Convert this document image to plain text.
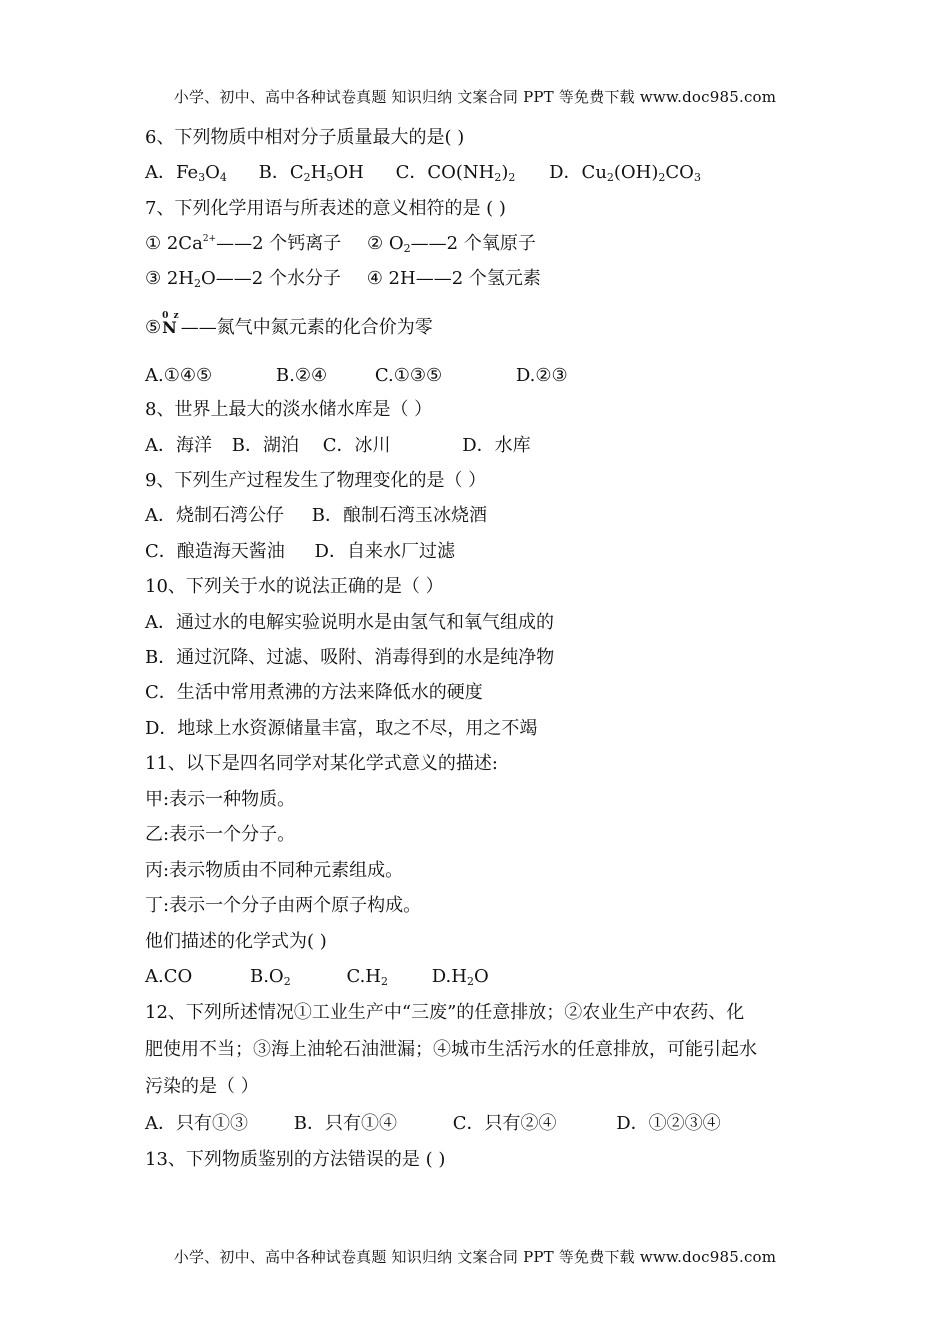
小学、初中、高中各种试卷真题 知识归纳 文案合同 PPT 等免费下载 www.doc985.com
6、下列物质中相对分子质量最大的是( )
A．$Fe_3O_4$ B．$C_2H_5OH$ C．$CO(NH_2)_2$ D．$Cu_2(OH)_2CO_3$
7、下列化学用语与所表述的意义相符的是 ( )
① $2Ca^{2+}——2$ 个钙离子 ② $O_2——2$ 个氧原子
③ $2H_2O——2$ 个水分子 ④ 2H——2 个氢元素
⑤
0 z
N ——氮气中氮元素的化合价为零
A.①④⑤	B.②④	C.①③⑤	D.②③
8、世界上最大的淡水储水库是（ ）
A．海洋 B．湖泊 C．冰川	D．水库
9、下列生产过程发生了物理变化的是（ ）
A．烧制石湾公仔 B．酿制石湾玉冰烧酒
C．酿造海天酱油 D．自来水厂过滤
10、下列关于水的说法正确的是（ ）
A．通过水的电解实验说明水是由氢气和氧气组成的
B．通过沉降、过滤、吸附、消毒得到的水是纯净物
C．生活中常用煮沸的方法来降低水的硬度
D．地球上水资源储量丰富，取之不尽，用之不竭
11、以下是四名同学对某化学式意义的描述:
甲:表示一种物质。
乙:表示一个分子。
丙:表示物质由不同种元素组成。
丁:表示一个分子由两个原子构成。
他们描述的化学式为( )
A.CO	$B.O_2$	$C.H_2$ $D.H_2O$
12、下列所述情况①工业生产中“三废”的任意排放；②农业生产中农药、化
肥使用不当；③海上油轮石油泄漏；④城市生活污水的任意排放，可能引起水
污染的是（ ）
A．只有①③	B．只有①④	C．只有②④	D．①②③④
13、下列物质鉴别的方法错误的是 ( )
小学、初中、高中各种试卷真题 知识归纳 文案合同 PPT 等免费下载 www.doc985.com
